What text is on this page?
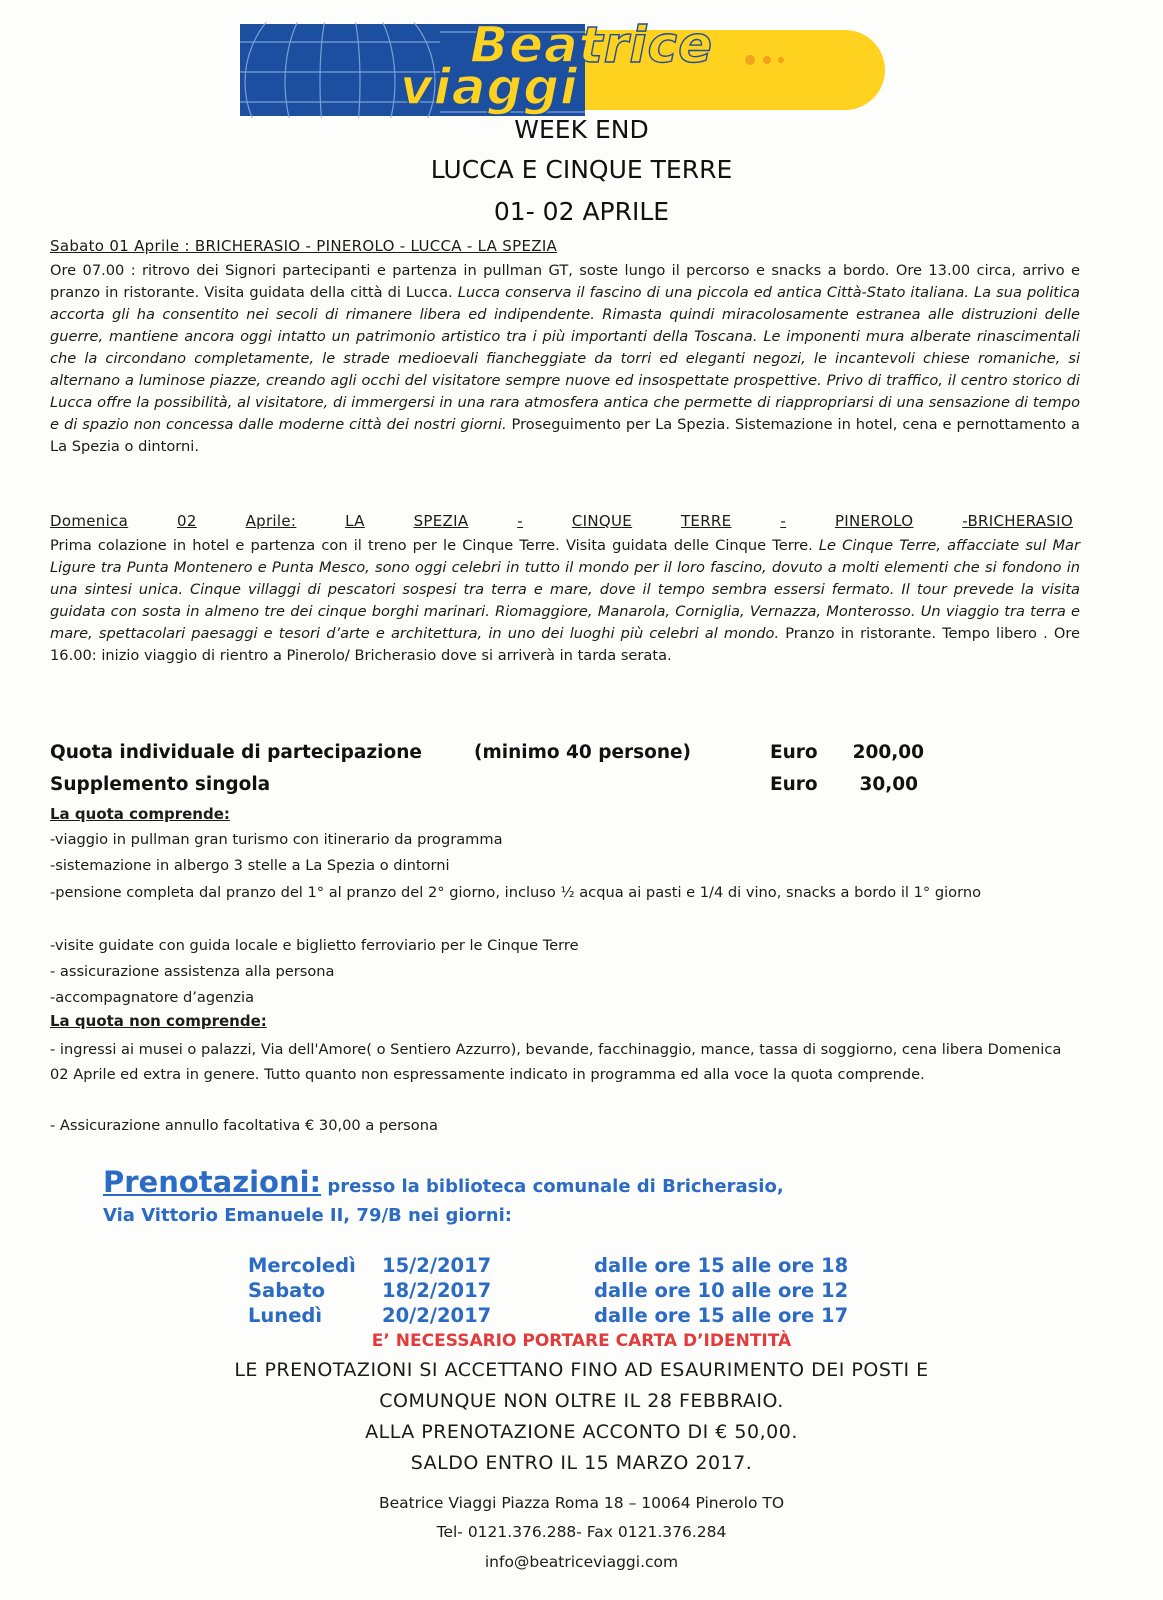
Beatrice
viaggi
WEEK END
LUCCA E CINQUE TERRE
01- 02 APRILE
Sabato 01 Aprile : BRICHERASIO - PINEROLO - LUCCA - LA SPEZIA
Ore 07.00 : ritrovo dei Signori partecipanti e partenza in pullman GT, soste lungo il percorso e snacks a bordo. Ore 13.00 circa, arrivo e pranzo in ristorante. Visita guidata della città di Lucca. Lucca conserva il fascino di una piccola ed antica Città-Stato italiana. La sua politica accorta gli ha consentito nei secoli di rimanere libera ed indipendente. Rimasta quindi miracolosamente estranea alle distruzioni delle guerre, mantiene ancora oggi intatto un patrimonio artistico tra i più importanti della Toscana. Le imponenti mura alberate rinascimentali che la circondano completamente, le strade medioevali fiancheggiate da torri ed eleganti negozi, le incantevoli chiese romaniche, si alternano a luminose piazze, creando agli occhi del visitatore sempre nuove ed insospettate prospettive. Privo di traffico, il centro storico di Lucca offre la possibilità, al visitatore, di immergersi in una rara atmosfera antica che permette di riappropriarsi di una sensazione di tempo e di spazio non concessa dalle moderne città dei nostri giorni. Proseguimento per La Spezia. Sistemazione in hotel, cena e pernottamento a La Spezia o dintorni.
Domenica	02	Aprile:	LA	SPEZIA	-	CINQUE	TERRE	-	PINEROLO	-BRICHERASIO
Prima colazione in hotel e partenza con il treno per le Cinque Terre. Visita guidata delle Cinque Terre. Le Cinque Terre, affacciate sul Mar Ligure tra Punta Montenero e Punta Mesco, sono oggi celebri in tutto il mondo per il loro fascino, dovuto a molti elementi che si fondono in una sintesi unica. Cinque villaggi di pescatori sospesi tra terra e mare, dove il tempo sembra essersi fermato. Il tour prevede la visita guidata con sosta in almeno tre dei cinque borghi marinari. Riomaggiore, Manarola, Corniglia, Vernazza, Monterosso. Un viaggio tra terra e mare, spettacolari paesaggi e tesori d’arte e architettura, in uno dei luoghi più celebri al mondo. Pranzo in ristorante. Tempo libero . Ore 16.00: inizio viaggio di rientro a Pinerolo/ Bricherasio dove si arriverà in tarda serata.
Quota individuale di partecipazione	(minimo 40 persone)	Euro	200,00
Supplemento singola	Euro	30,00
La quota comprende:
-viaggio in pullman gran turismo con itinerario da programma
-sistemazione in albergo 3 stelle a La Spezia o dintorni
-pensione completa dal pranzo del 1° al pranzo del 2° giorno, incluso ½ acqua ai pasti e 1/4 di vino, snacks a bordo il 1° giorno
-visite guidate con guida locale e biglietto ferroviario per le Cinque Terre
- assicurazione assistenza alla persona
-accompagnatore d’agenzia
La quota non comprende:
- ingressi ai musei o palazzi, Via dell'Amore( o Sentiero Azzurro), bevande, facchinaggio, mance, tassa di soggiorno, cena libera Domenica 02 Aprile ed extra in genere. Tutto quanto non espressamente indicato in programma ed alla voce la quota comprende.
- Assicurazione annullo facoltativa € 30,00 a persona
Prenotazioni: presso la biblioteca comunale di Bricherasio,
Via Vittorio Emanuele II, 79/B nei giorni:
Mercoledì 15/2/2017	dalle ore 15 alle ore 18
Sabato	18/2/2017	dalle ore 10 alle ore 12
Lunedì	20/2/2017	dalle ore 15 alle ore 17
E’ NECESSARIO PORTARE CARTA D’IDENTITÀ
LE PRENOTAZIONI SI ACCETTANO FINO AD ESAURIMENTO DEI POSTI E
COMUNQUE NON OLTRE IL 28 FEBBRAIO.
ALLA PRENOTAZIONE ACCONTO DI € 50,00.
SALDO ENTRO IL 15 MARZO 2017.
Beatrice Viaggi Piazza Roma 18 – 10064 Pinerolo TO
Tel- 0121.376.288- Fax 0121.376.284
info@beatriceviaggi.com
